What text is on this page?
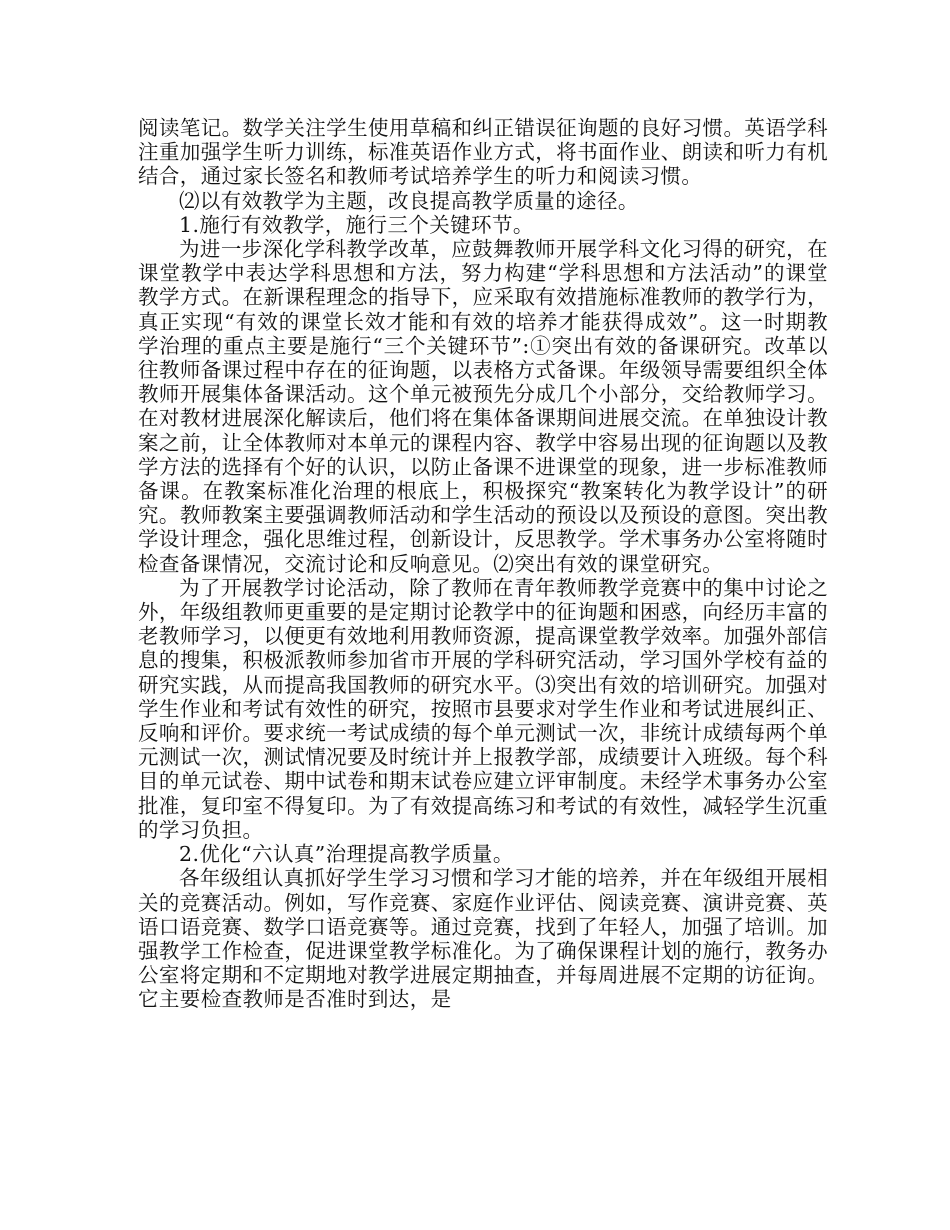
阅读笔记。数学关注学生使用草稿和纠正错误征询题的良好习惯。英语学科注重加强学生听力训练，标准英语作业方式，将书面作业、朗读和听力有机结合，通过家长签名和教师考试培养学生的听力和阅读习惯。

⑵以有效教学为主题，改良提高教学质量的途径。

1.施行有效教学，施行三个关键环节。

为进一步深化学科教学改革，应鼓舞教师开展学科文化习得的研究，在课堂教学中表达学科思想和方法，努力构建“学科思想和方法活动”的课堂教学方式。在新课程理念的指导下，应采取有效措施标准教师的教学行为，真正实现“有效的课堂长效才能和有效的培养才能获得成效”。这一时期教学治理的重点主要是施行“三个关键环节”:①突出有效的备课研究。改革以往教师备课过程中存在的征询题，以表格方式备课。年级领导需要组织全体教师开展集体备课活动。这个单元被预先分成几个小部分，交给教师学习。在对教材进展深化解读后，他们将在集体备课期间进展交流。在单独设计教案之前，让全体教师对本单元的课程内容、教学中容易出现的征询题以及教学方法的选择有个好的认识，以防止备课不进课堂的现象，进一步标准教师备课。在教案标准化治理的根底上，积极探究“教案转化为教学设计”的研究。教师教案主要强调教师活动和学生活动的预设以及预设的意图。突出教学设计理念，强化思维过程，创新设计，反思教学。学术事务办公室将随时检查备课情况，交流讨论和反响意见。⑵突出有效的课堂研究。

为了开展教学讨论活动，除了教师在青年教师教学竞赛中的集中讨论之外，年级组教师更重要的是定期讨论教学中的征询题和困惑，向经历丰富的老教师学习，以便更有效地利用教师资源，提高课堂教学效率。加强外部信息的搜集，积极派教师参加省市开展的学科研究活动，学习国外学校有益的研究实践，从而提高我国教师的研究水平。⑶突出有效的培训研究。加强对学生作业和考试有效性的研究，按照市县要求对学生作业和考试进展纠正、反响和评价。要求统一考试成绩的每个单元测试一次，非统计成绩每两个单元测试一次，测试情况要及时统计并上报教学部，成绩要计入班级。每个科目的单元试卷、期中试卷和期末试卷应建立评审制度。未经学术事务办公室批准，复印室不得复印。为了有效提高练习和考试的有效性，减轻学生沉重的学习负担。

2.优化“六认真”治理提高教学质量。

各年级组认真抓好学生学习习惯和学习才能的培养，并在年级组开展相关的竞赛活动。例如，写作竞赛、家庭作业评估、阅读竞赛、演讲竞赛、英语口语竞赛、数学口语竞赛等。通过竞赛，找到了年轻人，加强了培训。加强教学工作检查，促进课堂教学标准化。为了确保课程计划的施行，教务办公室将定期和不定期地对教学进展定期抽查，并每周进展不定期的访征询。它主要检查教师是否准时到达，是
